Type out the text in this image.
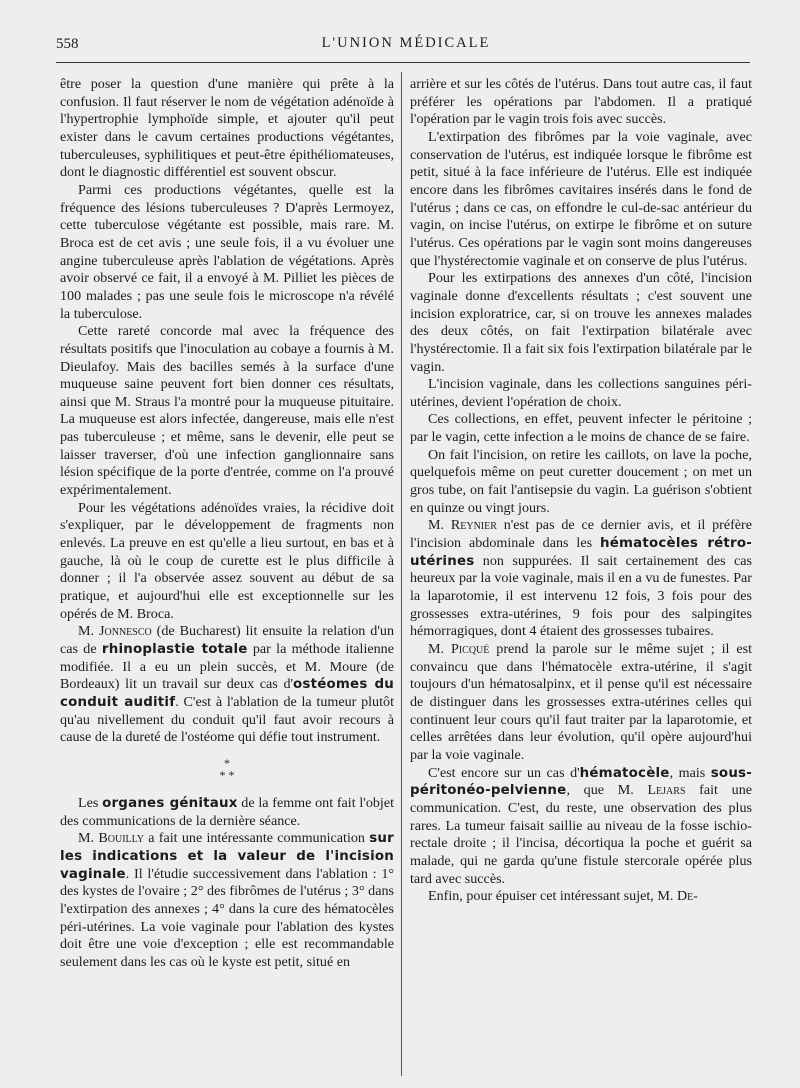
558	L'UNION MÉDICALE

être poser la question d'une manière qui prête à la confusion. Il faut réserver le nom de végétation adénoïde à l'hypertrophie lymphoïde simple, et ajouter qu'il peut exister dans le cavum certaines productions végétantes, tuberculeuses, syphilitiques et peut-être épithéliomateuses, dont le diagnostic différentiel est souvent obscur.

Parmi ces productions végétantes, quelle est la fréquence des lésions tuberculeuses ? D'après Lermoyez, cette tuberculose végétante est possible, mais rare. M. Broca est de cet avis ; une seule fois, il a vu évoluer une angine tuberculeuse après l'ablation de végétations. Après avoir observé ce fait, il a envoyé à M. Pilliet les pièces de 100 malades ; pas une seule fois le microscope n'a révélé la tuberculose.

Cette rareté concorde mal avec la fréquence des résultats positifs que l'inoculation au cobaye a fournis à M. Dieulafoy. Mais des bacilles semés à la surface d'une muqueuse saine peuvent fort bien donner ces résultats, ainsi que M. Straus l'a montré pour la muqueuse pituitaire. La muqueuse est alors infectée, dangereuse, mais elle n'est pas tuberculeuse ; et même, sans le devenir, elle peut se laisser traverser, d'où une infection ganglionnaire sans lésion spécifique de la porte d'entrée, comme on l'a prouvé expérimentalement.

Pour les végétations adénoïdes vraies, la récidive doit s'expliquer, par le développement de fragments non enlevés. La preuve en est qu'elle a lieu surtout, en bas et à gauche, là où le coup de curette est le plus difficile à donner ; il l'a observée assez souvent au début de sa pratique, et aujourd'hui elle est exceptionnelle sur les opérés de M. Broca.

M. Jonnesco (de Bucharest) lit ensuite la relation d'un cas de rhinoplastie totale par la méthode italienne modifiée. Il a eu un plein succès, et M. Moure (de Bordeaux) lit un travail sur deux cas d'ostéomes du conduit auditif. C'est à l'ablation de la tumeur plutôt qu'au nivellement du conduit qu'il faut avoir recours à cause de la dureté de l'ostéome qui défie tout instrument.

*
* *

Les organes génitaux de la femme ont fait l'objet des communications de la dernière séance.

M. Bouilly a fait une intéressante communication sur les indications et la valeur de l'incision vaginale. Il l'étudie successivement dans l'ablation : 1° des kystes de l'ovaire ; 2° des fibrômes de l'utérus ; 3° dans l'extirpation des annexes ; 4° dans la cure des hématocèles péri-utérines. La voie vaginale pour l'ablation des kystes doit être une voie d'exception ; elle est recommandable seulement dans les cas où le kyste est petit, situé en

arrière et sur les côtés de l'utérus. Dans tout autre cas, il faut préférer les opérations par l'abdomen. Il a pratiqué l'opération par le vagin trois fois avec succès.

L'extirpation des fibrômes par la voie vaginale, avec conservation de l'utérus, est indiquée lorsque le fibrôme est petit, situé à la face inférieure de l'utérus. Elle est indiquée encore dans les fibrômes cavitaires insérés dans le fond de l'utérus ; dans ce cas, on effondre le cul-de-sac antérieur du vagin, on incise l'utérus, on extirpe le fibrôme et on suture l'utérus. Ces opérations par le vagin sont moins dangereuses que l'hystérectomie vaginale et on conserve de plus l'utérus.

Pour les extirpations des annexes d'un côté, l'incision vaginale donne d'excellents résultats ; c'est souvent une incision exploratrice, car, si on trouve les annexes malades des deux côtés, on fait l'extirpation bilatérale avec l'hystérectomie. Il a fait six fois l'extirpation bilatérale par le vagin.

L'incision vaginale, dans les collections sanguines péri-utérines, devient l'opération de choix.

Ces collections, en effet, peuvent infecter le péritoine ; par le vagin, cette infection a le moins de chance de se faire.

On fait l'incision, on retire les caillots, on lave la poche, quelquefois même on peut curetter doucement ; on met un gros tube, on fait l'antisepsie du vagin. La guérison s'obtient en quinze ou vingt jours.

M. Reynier n'est pas de ce dernier avis, et il préfère l'incision abdominale dans les hématocèles rétro-utérines non suppurées. Il sait certainement des cas heureux par la voie vaginale, mais il en a vu de funestes. Par la laparotomie, il est intervenu 12 fois, 3 fois pour des grossesses extra-utérines, 9 fois pour des salpingites hémorragiques, dont 4 étaient des grossesses tubaires.

M. Picqué prend la parole sur le même sujet ; il est convaincu que dans l'hématocèle extra-utérine, il s'agit toujours d'un hématosalpinx, et il pense qu'il est nécessaire de distinguer dans les grossesses extra-utérines celles qui continuent leur cours qu'il faut traiter par la laparotomie, et celles arrêtées dans leur évolution, qu'il opère aujourd'hui par la voie vaginale.

C'est encore sur un cas d'hématocèle, mais sous-péritonéo-pelvienne, que M. Lejars fait une communication. C'est, du reste, une observation des plus rares. La tumeur faisait saillie au niveau de la fosse ischio-rectale droite ; il l'incisa, décortiqua la poche et guérit sa malade, qui ne garda qu'une fistule stercorale opérée plus tard avec succès.

Enfin, pour épuiser cet intéressant sujet, M. De-
